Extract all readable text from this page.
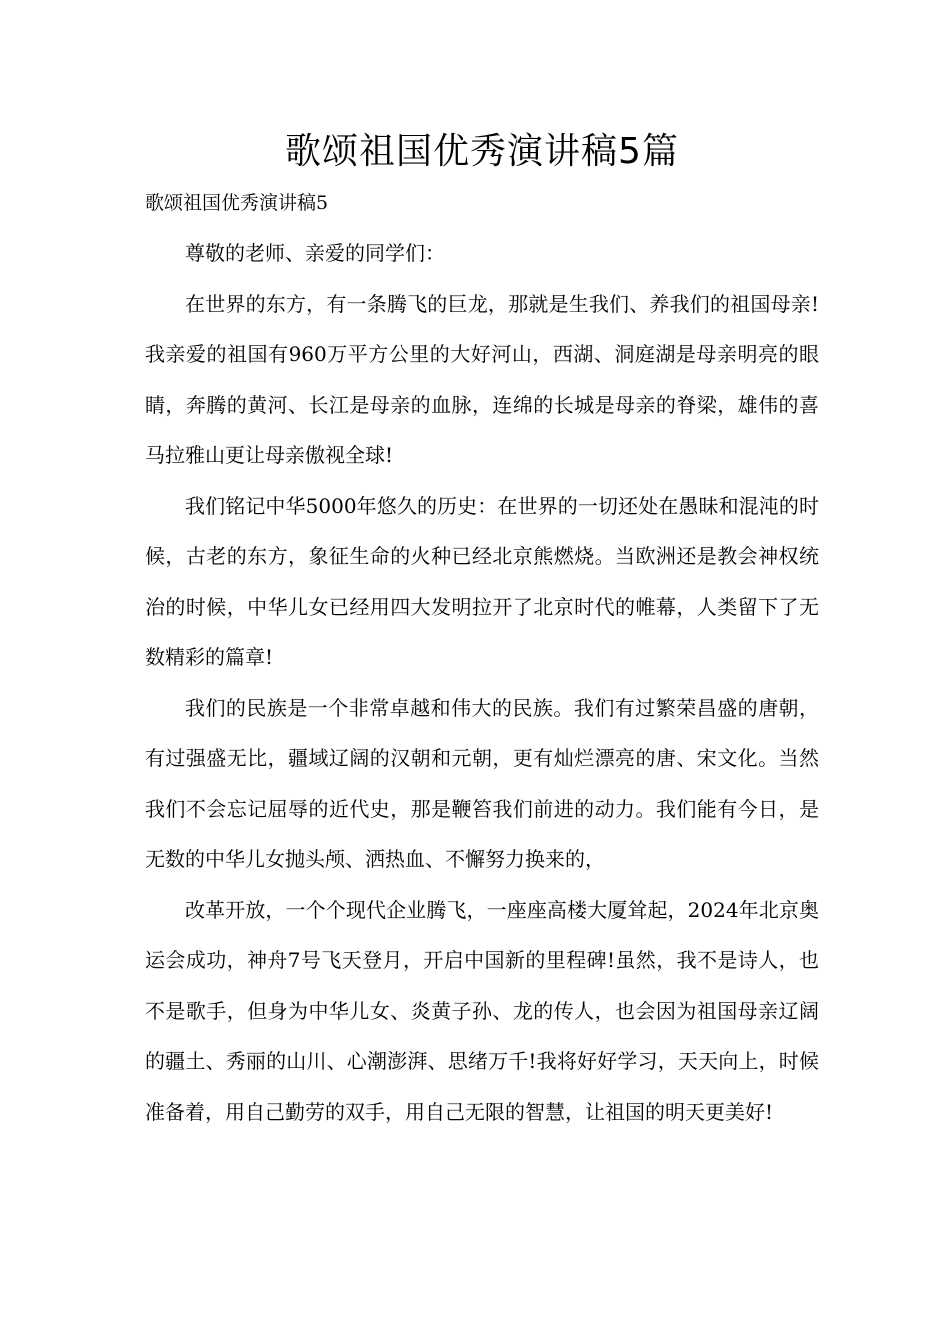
歌颂祖国优秀演讲稿5篇

歌颂祖国优秀演讲稿5

尊敬的老师、亲爱的同学们：

在世界的东方，有一条腾飞的巨龙，那就是生我们、养我们的祖国母亲!我亲爱的祖国有960万平方公里的大好河山，西湖、洞庭湖是母亲明亮的眼睛，奔腾的黄河、长江是母亲的血脉，连绵的长城是母亲的脊梁，雄伟的喜马拉雅山更让母亲傲视全球!

我们铭记中华5000年悠久的历史：在世界的一切还处在愚昧和混沌的时候，古老的东方，象征生命的火种已经北京熊燃烧。当欧洲还是教会神权统治的时候，中华儿女已经用四大发明拉开了北京时代的帷幕，人类留下了无数精彩的篇章!

我们的民族是一个非常卓越和伟大的民族。我们有过繁荣昌盛的唐朝，有过强盛无比，疆域辽阔的汉朝和元朝，更有灿烂漂亮的唐、宋文化。当然我们不会忘记屈辱的近代史，那是鞭笞我们前进的动力。我们能有今日，是无数的中华儿女抛头颅、洒热血、不懈努力换来的，

改革开放，一个个现代企业腾飞，一座座高楼大厦耸起，2024年北京奥运会成功，神舟7号飞天登月，开启中国新的里程碑!虽然，我不是诗人，也不是歌手，但身为中华儿女、炎黄子孙、龙的传人，也会因为祖国母亲辽阔的疆土、秀丽的山川、心潮澎湃、思绪万千!我将好好学习，天天向上，时候准备着，用自己勤劳的双手，用自己无限的智慧，让祖国的明天更美好!
